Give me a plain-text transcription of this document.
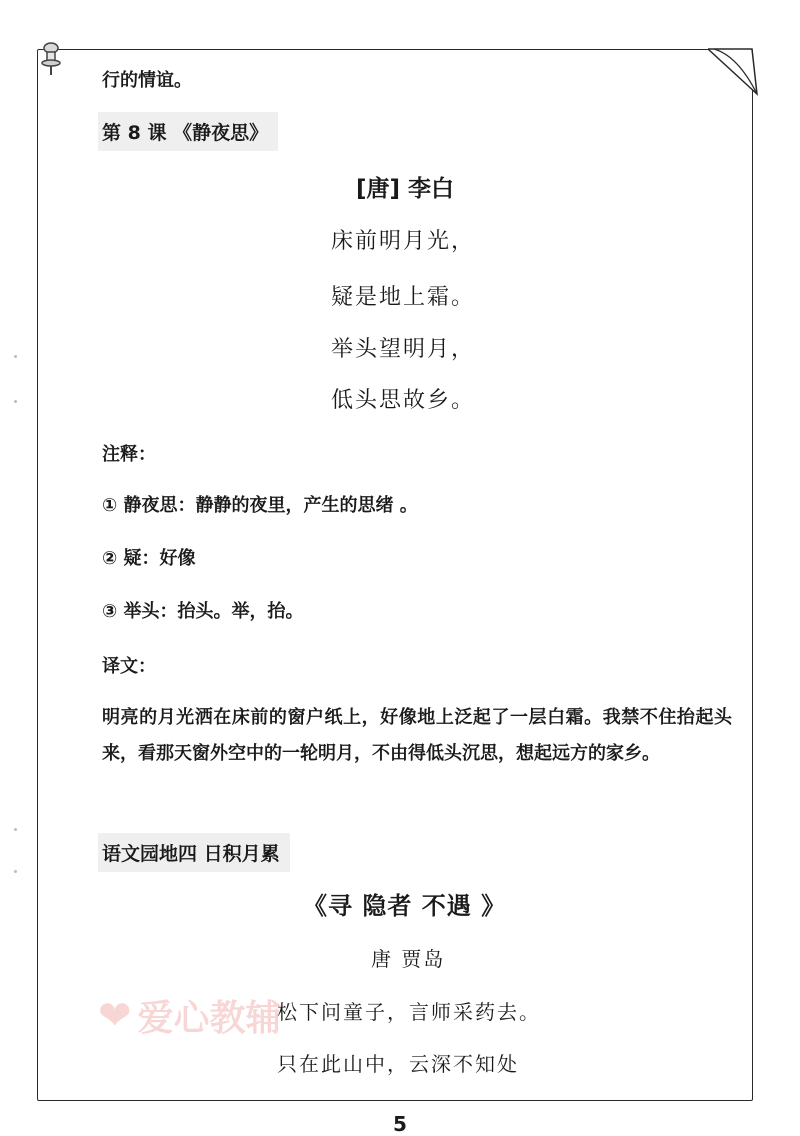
行的情谊。
第 8 课 《静夜思》
[唐] 李白
床前明月光，
疑是地上霜。
举头望明月，
低头思故乡。
注释：
① 静夜思：静静的夜里，产生的思绪 。
② 疑：好像
③ 举头：抬头。举，抬。
译文：
明亮的月光洒在床前的窗户纸上，好像地上泛起了一层白霜。我禁不住抬起头来，看那天窗外空中的一轮明月，不由得低头沉思，想起远方的家乡。
语文园地四 日积月累
《寻 隐者 不遇 》
唐 贾岛
❤ 爱心教辅
松下问童子，言师采药去。
只在此山中，云深不知处
5
